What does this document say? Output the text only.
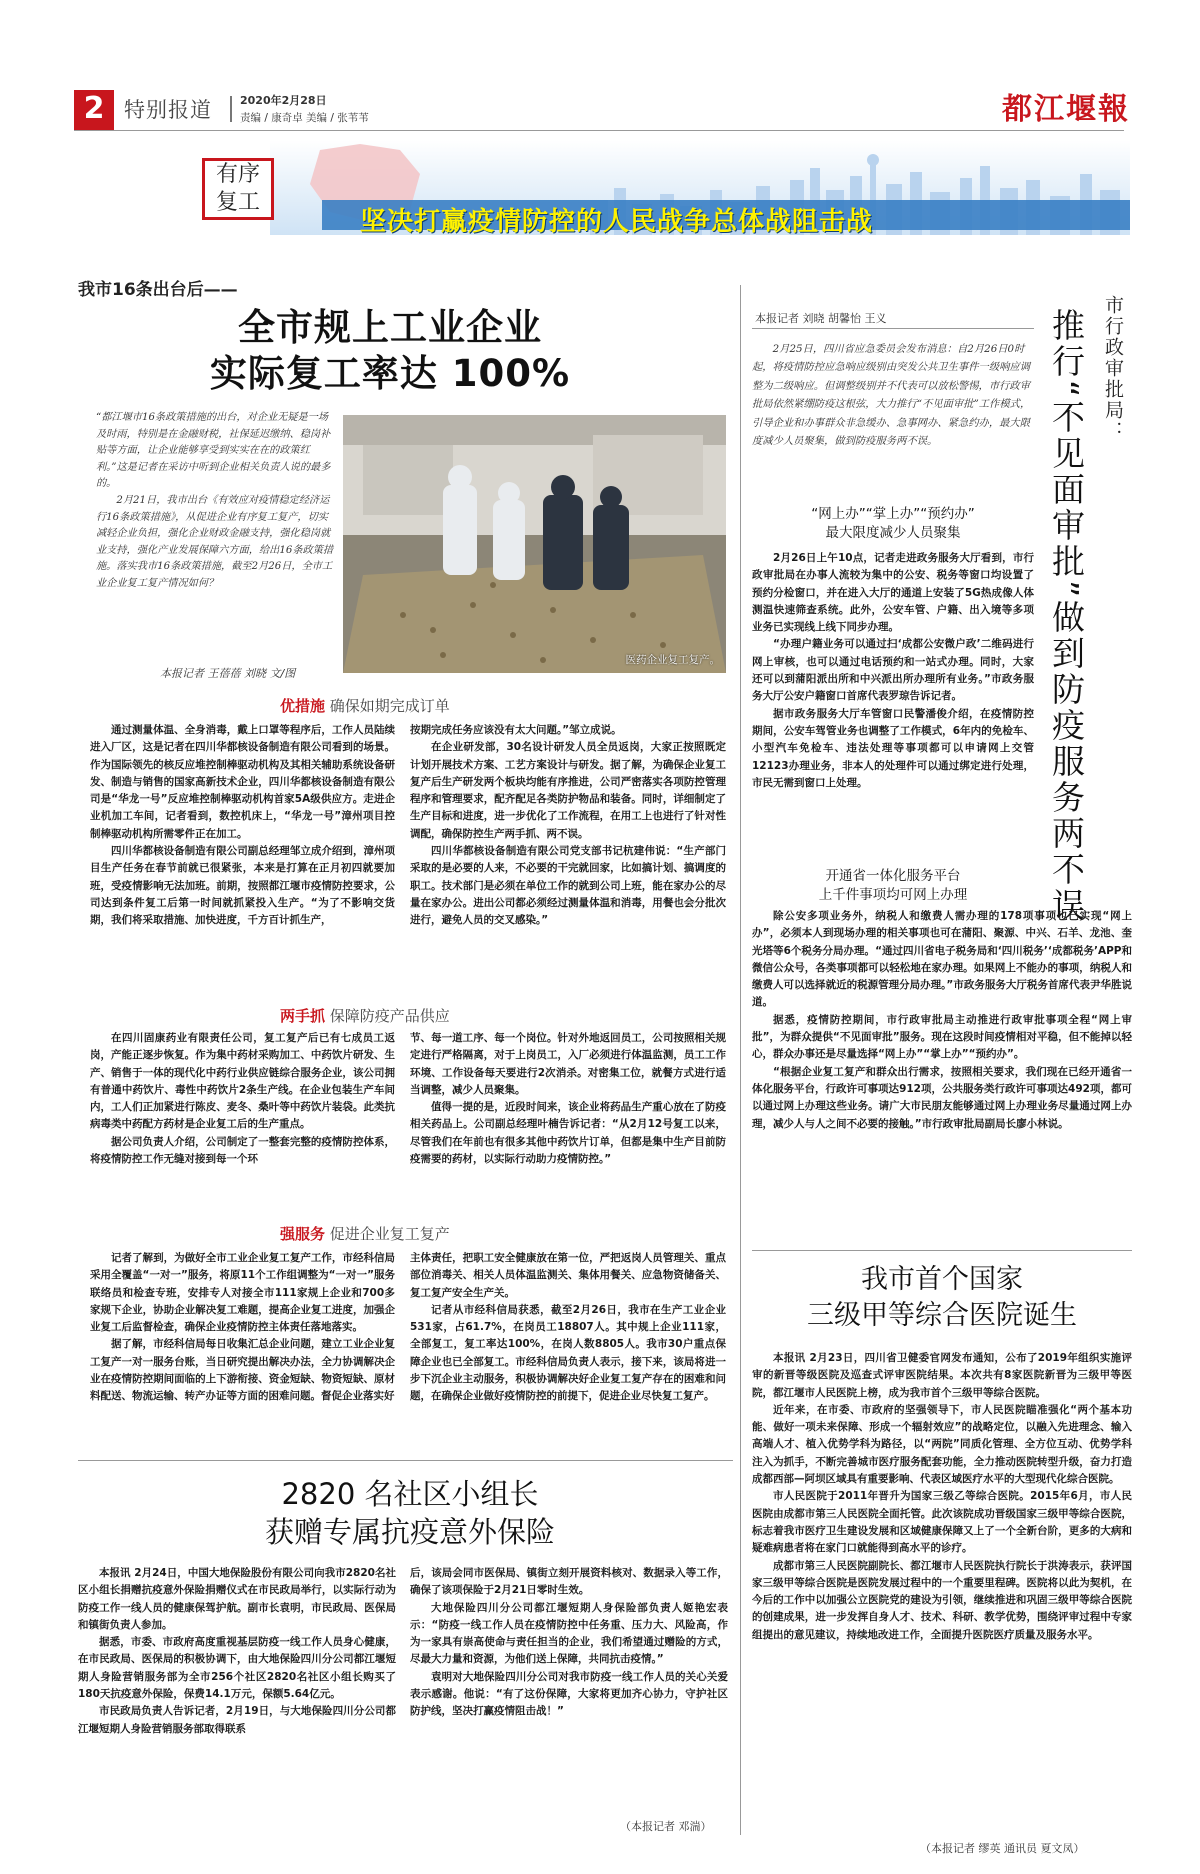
2 特别报道	2020年2月28日
责编 / 康奇卓 美编 / 张苇苇	都江堰報
有序
复工
坚决打赢疫情防控的人民战争总体战阻击战
我市16条出台后——
全市规上工业企业
实际复工率达 100%
“都江堰市16条政策措施的出台，对企业无疑是一场及时雨，特别是在金融财税，社保延迟缴纳、稳岗补贴等方面，让企业能够享受到实实在在的政策红利。”这是记者在采访中听到企业相关负责人说的最多的。
　　2月21日，我市出台《有效应对疫情稳定经济运行16条政策措施》，从促进企业有序复工复产，切实减轻企业负担，强化企业财政金融支持，强化稳岗就业支持，强化产业发展保障六方面，给出16条政策措施。落实我市16条政策措施，截至2月26日，全市工业企业复工复产情况如何？
本报记者 王蓓蓓 刘晓 文/图
医药企业复工复产。
优措施 确保如期完成订单

通过测量体温、全身消毒，戴上口罩等程序后，工作人员陆续进入厂区，这是记者在四川华都核设备制造有限公司看到的场景。作为国际领先的核反应堆控制棒驱动机构及其相关辅助系统设备研发、制造与销售的国家高新技术企业，四川华都核设备制造有限公司是“华龙一号”反应堆控制棒驱动机构首家5A级供应方。走进企业机加工车间，记者看到，数控机床上，“华龙一号”漳州项目控制棒驱动机构所需零件正在加工。

四川华都核设备制造有限公司副总经理邹立成介绍到，漳州项目生产任务在春节前就已很紧张，本来是打算在正月初四就要加班，受疫情影响无法加班。前期，按照都江堰市疫情防控要求，公司达到条件复工后第一时间就抓紧投入生产。“为了不影响交货期，我们将采取措施、加快进度，千方百计抓生产，

按期完成任务应该没有太大问题。”邹立成说。

在企业研发部，30名设计研发人员全员返岗，大家正按照既定计划开展技术方案、工艺方案设计与研发。据了解，为确保企业复工复产后生产研发两个板块均能有序推进，公司严密落实各项防控管理程序和管理要求，配齐配足各类防护物品和装备。同时，详细制定了生产目标和进度，进一步优化了工作流程，在用工上也进行了针对性调配，确保防控生产两手抓、两不误。

四川华都核设备制造有限公司党支部书记杭建伟说：“生产部门采取的是必要的人来，不必要的干完就回家，比如搞计划、搞调度的职工。技术部门是必须在单位工作的就到公司上班，能在家办公的尽量在家办公。进出公司都必须经过测量体温和消毒，用餐也会分批次进行，避免人员的交叉感染。”

两手抓 保障防疫产品供应

在四川固康药业有限责任公司，复工复产后已有七成员工返岗，产能正逐步恢复。作为集中药材采购加工、中药饮片研发、生产、销售于一体的现代化中药行业供应链综合服务企业，该公司拥有普通中药饮片、毒性中药饮片2条生产线。在企业包装生产车间内，工人们正加紧进行陈皮、麦冬、桑叶等中药饮片装袋。此类抗病毒类中药配方药材是企业复工后的生产重点。

据公司负责人介绍，公司制定了一整套完整的疫情防控体系，将疫情防控工作无缝对接到每一个环

节、每一道工序、每一个岗位。针对外地返回员工，公司按照相关规定进行严格隔离，对于上岗员工，入厂必须进行体温监测，员工工作环境、工作设备每天要进行2次消杀。对密集工位，就餐方式进行适当调整，减少人员聚集。

值得一提的是，近段时间来，该企业将药品生产重心放在了防疫相关药品上。公司副总经理叶楠告诉记者：“从2月12号复工以来，尽管我们在年前也有很多其他中药饮片订单，但都是集中生产目前防疫需要的药材，以实际行动助力疫情防控。”

强服务 促进企业复工复产

记者了解到，为做好全市工业企业复工复产工作，市经科信局采用全覆盖“一对一”服务，将原11个工作组调整为“一对一”服务联络员和检查专班，安排专人对接全市111家规上企业和700多家规下企业，协助企业解决复工难题，提高企业复工进度，加强企业复工后监督检查，确保企业疫情防控主体责任落地落实。

据了解，市经科信局每日收集汇总企业问题，建立工业企业复工复产一对一服务台账，当日研究提出解决办法，全力协调解决企业在疫情防控期间面临的上下游衔接、资金短缺、物资短缺、原材料配送、物流运输、转产办证等方面的困难问题。督促企业落实好

主体责任，把职工安全健康放在第一位，严把返岗人员管理关、重点部位消毒关、相关人员体温监测关、集体用餐关、应急物资储备关、复工复产安全生产关。

记者从市经科信局获悉，截至2月26日，我市在生产工业企业531家，占61.7%，在岗员工18807人。其中规上企业111家，全部复工，复工率达100%，在岗人数8805人。我市30户重点保障企业也已全部复工。市经科信局负责人表示，接下来，该局将进一步下沉企业主动服务，积极协调解决好企业复工复产存在的困难和问题，在确保企业做好疫情防控的前提下，促进企业尽快复工复产。

2820 名社区小组长
获赠专属抗疫意外保险

本报讯 2月24日，中国大地保险股份有限公司向我市2820名社区小组长捐赠抗疫意外保险捐赠仪式在市民政局举行，以实际行动为防疫工作一线人员的健康保驾护航。副市长袁明，市民政局、医保局和镇街负责人参加。

据悉，市委、市政府高度重视基层防疫一线工作人员身心健康，在市民政局、医保局的积极协调下，由大地保险四川分公司都江堰短期人身险营销服务部为全市256个社区2820名社区小组长购买了180天抗疫意外保险，保费14.1万元，保额5.64亿元。

市民政局负责人告诉记者，2月19日，与大地保险四川分公司都江堰短期人身险营销服务部取得联系

后，该局会同市医保局、镇街立刻开展资料核对、数据录入等工作，确保了该项保险于2月21日零时生效。

大地保险四川分公司都江堰短期人身保险部负责人姬艳宏表示：“防疫一线工作人员在疫情防控中任务重、压力大、风险高，作为一家具有崇高使命与责任担当的企业，我们希望通过赠险的方式，尽最大力量和资源，为他们送上保障，共同抗击疫情。”

袁明对大地保险四川分公司对我市防疫一线工作人员的关心关爱表示感谢。他说：“有了这份保障，大家将更加齐心协力，守护社区防护线，坚决打赢疫情阻击战！”

（本报记者 邓湍）
本报记者 刘晓 胡馨怡 王义
2月25日，四川省应急委员会发布消息：自2月26日0时起，将疫情防控应急响应级别由突发公共卫生事件一级响应调整为二级响应。但调整级别并不代表可以放松警惕，市行政审批局依然紧绷防疫这根弦，大力推行“不见面审批”工作模式，引导企业和办事群众非急缓办、急事网办、紧急约办，最大限度减少人员聚集，做到防疫服务两不误。	市行政审批局：
推行“不见面审批”做到防疫服务两不误
“网上办”“掌上办”“预约办”
最大限度减少人员聚集

2月26日上午10点，记者走进政务服务大厅看到，市行政审批局在办事人流较为集中的公安、税务等窗口均设置了预约分检窗口，并在进入大厅的通道上安装了5G热成像人体测温快速筛查系统。此外，公安车管、户籍、出入境等多项业务已实现线上线下同步办理。

“办理户籍业务可以通过扫‘成都公安微户政’二维码进行网上审核，也可以通过电话预约和一站式办理。同时，大家还可以到蒲阳派出所和中兴派出所办理所有业务。”市政务服务大厅公安户籍窗口首席代表罗琼告诉记者。

据市政务服务大厅车管窗口民警潘俊介绍，在疫情防控期间，公安车驾管业务也调整了工作模式，6年内的免检车、小型汽车免检车、违法处理等事项都可以申请网上交管12123办理业务，非本人的处理件可以通过绑定进行处理，市民无需到窗口上处理。

开通省一体化服务平台
上千件事项均可网上办理

除公安多项业务外，纳税人和缴费人需办理的178项事项也已实现“网上办”，必须本人到现场办理的相关事项也可在蒲阳、聚源、中兴、石羊、龙池、奎光塔等6个税务分局办理。“通过四川省电子税务局和‘四川税务’‘成都税务’APP和微信公众号，各类事项都可以轻松地在家办理。如果网上不能办的事项，纳税人和缴费人可以选择就近的税源管理分局办理。”市政务服务大厅税务首席代表尹华胜说道。

据悉，疫情防控期间，市行政审批局主动推进行政审批事项全程“网上审批”，为群众提供“不见面审批”服务。现在这段时间疫情相对平稳，但不能掉以轻心，群众办事还是尽量选择“网上办”“掌上办”“预约办”。

“根据企业复工复产和群众出行需求，按照相关要求，我们现在已经开通省一体化服务平台，行政许可事项达912项，公共服务类行政许可事项达492项，都可以通过网上办理这些业务。请广大市民朋友能够通过网上办理业务尽量通过网上办理，减少人与人之间不必要的接触。”市行政审批局副局长廖小林说。

我市首个国家
三级甲等综合医院诞生

本报讯 2月23日，四川省卫健委官网发布通知，公布了2019年组织实施评审的新晋等级医院及巡查式评审医院结果。本次共有8家医院新晋为三级甲等医院，都江堰市人民医院上榜，成为我市首个三级甲等综合医院。

近年来，在市委、市政府的坚强领导下，市人民医院瞄准强化“两个基本功能、做好一项未来保障、形成一个辐射效应”的战略定位，以融入先进理念、输入高端人才、植入优势学科为路径，以“两院”同质化管理、全方位互动、优势学科注入为抓手，不断完善城市医疗服务配套功能，全力推动医院转型升级，奋力打造成都西部—阿坝区域具有重要影响、代表区域医疗水平的大型现代化综合医院。

市人民医院于2011年晋升为国家三级乙等综合医院。2015年6月，市人民医院由成都市第三人民医院全面托管。此次该院成功晋级国家三级甲等综合医院，标志着我市医疗卫生建设发展和区域健康保障又上了一个全新台阶，更多的大病和疑难病患者将在家门口就能得到高水平的诊疗。

成都市第三人民医院副院长、都江堰市人民医院执行院长于洪涛表示，获评国家三级甲等综合医院是医院发展过程中的一个重要里程碑。医院将以此为契机，在今后的工作中以加强公立医院党的建设为引领，继续推进和巩固三级甲等综合医院的创建成果，进一步发挥自身人才、技术、科研、教学优势，围绕评审过程中专家组提出的意见建议，持续地改进工作，全面提升医院医疗质量及服务水平。

（本报记者 缪英 通讯员 夏文凤）
